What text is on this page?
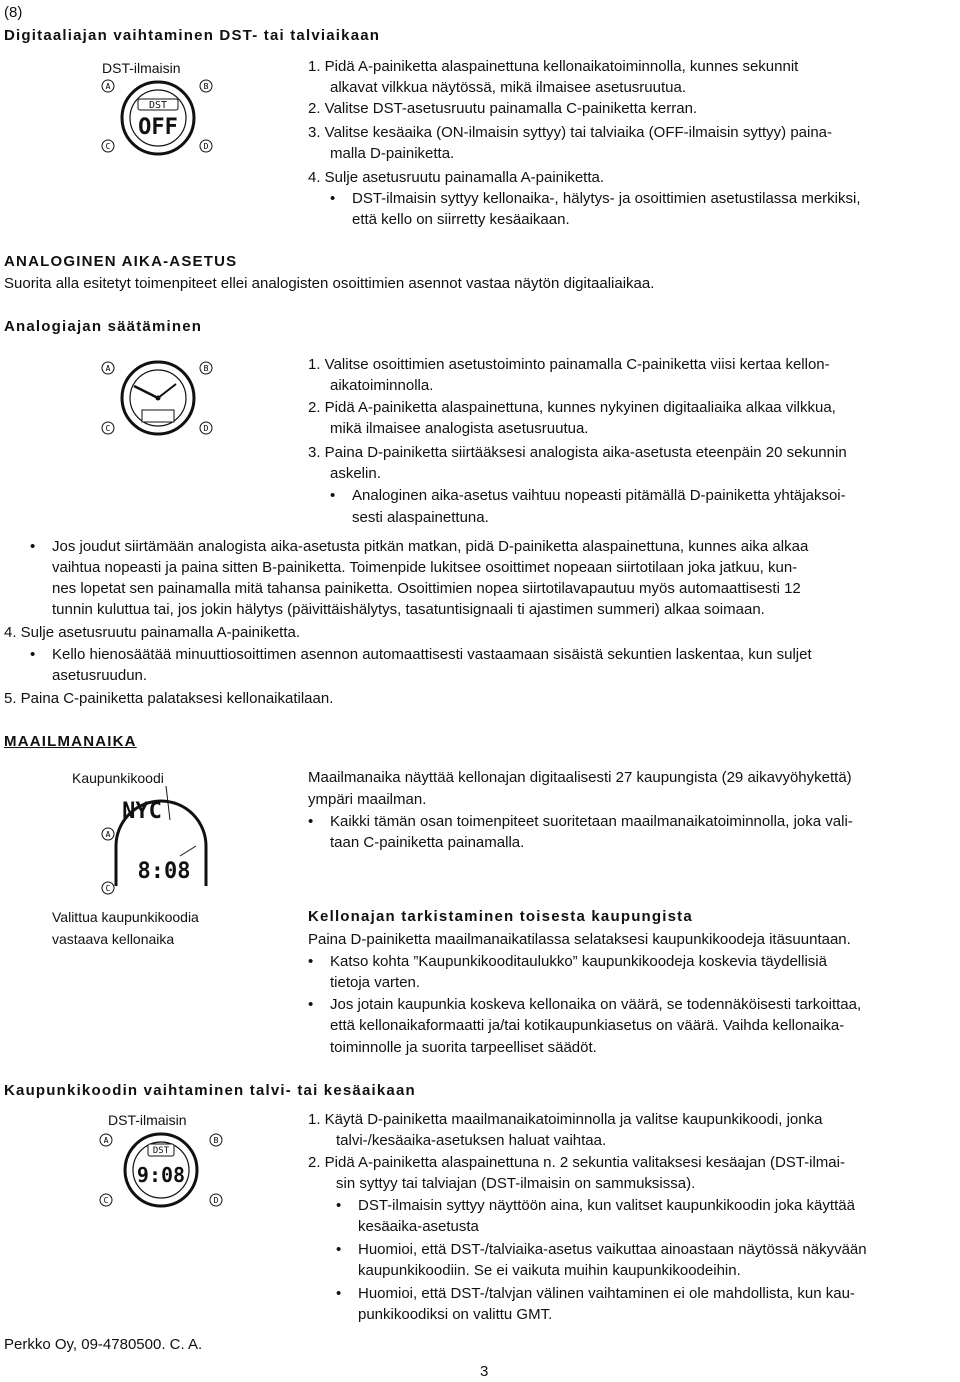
(8)
Digitaaliajan vaihtaminen DST- tai talviaikaan
DST-ilmaisin
DST
OFF
A	B
C	D
1. Pidä A-painiketta alaspainettuna kellonaikatoiminnolla, kunnes sekunnit
alkavat vilkkua näytössä, mikä ilmaisee asetusruutua.
2. Valitse DST-asetusruutu painamalla C-painiketta kerran.
3. Valitse kesäaika (ON-ilmaisin syttyy) tai talviaika (OFF-ilmaisin syttyy) paina-
malla D-painiketta.
4. Sulje asetusruutu painamalla A-painiketta.
• DST-ilmaisin syttyy kellonaika-, hälytys- ja osoittimien asetustilassa merkiksi,
että kello on siirretty kesäaikaan.
ANALOGINEN AIKA-ASETUS
Suorita alla esitetyt toimenpiteet ellei analogisten osoittimien asennot vastaa näytön digitaaliaikaa.
Analogiajan säätäminen
A	B
C	D
1. Valitse osoittimien asetustoiminto painamalla C-painiketta viisi kertaa kellon-
aikatoiminnolla.
2. Pidä A-painiketta alaspainettuna, kunnes nykyinen digitaaliaika alkaa vilkkua,
mikä ilmaisee analogista asetusruutua.
3. Paina D-painiketta siirtääksesi analogista aika-asetusta eteenpäin 20 sekunnin
askelin.
• Analoginen aika-asetus vaihtuu nopeasti pitämällä D-painiketta yhtäjaksoi-
sesti alaspainettuna.
• Jos joudut siirtämään analogista aika-asetusta pitkän matkan, pidä D-painiketta alaspainettuna, kunnes aika alkaa
vaihtua nopeasti ja paina sitten B-painiketta. Toimenpide lukitsee osoittimet nopeaan siirtotilaan joka jatkuu, kun-
nes lopetat sen painamalla mitä tahansa painiketta. Osoittimien nopea siirtotilavapautuu myös automaattisesti 12
tunnin kuluttua tai, jos jokin hälytys (päivittäishälytys, tasatuntisignaali ti ajastimen summeri) alkaa soimaan.
4. Sulje asetusruutu painamalla A-painiketta.
• Kello hienosäätää minuuttiosoittimen asennon automaattisesti vastaamaan sisäistä sekuntien laskentaa, kun suljet
asetusruudun.
5. Paina C-painiketta palataksesi kellonaikatilaan.
MAAILMANAIKA
Kaupunkikoodi
NYC
8:08
A
C
Valittua kaupunkikoodia
vastaava kellonaika
Maailmanaika näyttää kellonajan digitaalisesti 27 kaupungista (29 aikavyöhykettä)
ympäri maailman.
• Kaikki tämän osan toimenpiteet suoritetaan maailmanaikatoiminnolla, joka vali-
taan C-painiketta painamalla.
Kellonajan tarkistaminen toisesta kaupungista
Paina D-painiketta maailmanaikatilassa selataksesi kaupunkikoodeja itäsuuntaan.
• Katso kohta ”Kaupunkikooditaulukko” kaupunkikoodeja koskevia täydellisiä
tietoja varten.
• Jos jotain kaupunkia koskeva kellonaika on väärä, se todennäköisesti tarkoittaa,
että kellonaikaformaatti ja/tai kotikaupunkiasetus on väärä. Vaihda kellonaika-
toiminnolle ja suorita tarpeelliset säädöt.
Kaupunkikoodin vaihtaminen talvi- tai kesäaikaan
DST-ilmaisin
DST
9:08
A	B
C	D
1. Käytä D-painiketta maailmanaikatoiminnolla ja valitse kaupunkikoodi, jonka
talvi-/kesäaika-asetuksen haluat vaihtaa.
2. Pidä A-painiketta alaspainettuna n. 2 sekuntia valitaksesi kesäajan (DST-ilmai-
sin syttyy tai talviajan (DST-ilmaisin on sammuksissa).
• DST-ilmaisin syttyy näyttöön aina, kun valitset kaupunkikoodin joka käyttää
kesäaika-asetusta
• Huomioi, että DST-/talviaika-asetus vaikuttaa ainoastaan näytössä näkyvään
kaupunkikoodiin. Se ei vaikuta muihin kaupunkikoodeihin.
• Huomioi, että DST-/talvjan välinen vaihtaminen ei ole mahdollista, kun kau-
punkikoodiksi on valittu GMT.
Perkko Oy, 09-4780500. C. A.
3
